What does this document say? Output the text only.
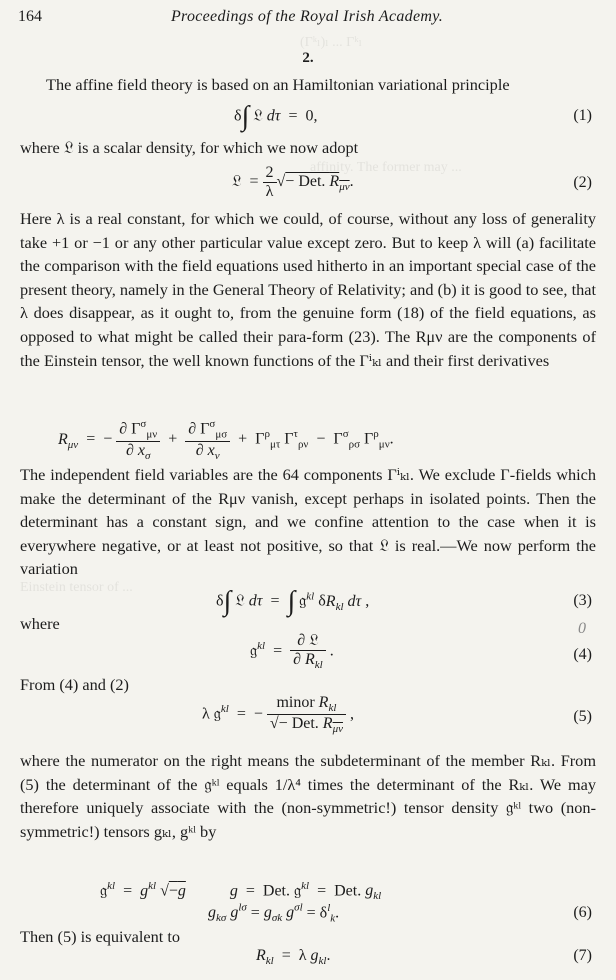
(Γᵏₗ)ₗ ... Γᵏₗ
affinity. The former may ...
Einstein tensor of ...
164	Proceedings of the Royal Irish Academy.
2.
The affine field theory is based on an Hamiltonian variational principle
δ∫ 𝔏 dτ  =  0,	(1)
where 𝔏 is a scalar density, for which we now adopt
𝔏  = $\frac{2}{\lambda}$ √− Det. $R_{\mu\nu}$.	(2)
Here λ is a real constant, for which we could, of course, without any loss of generality take +1 or −1 or any other particular value except zero. But to keep λ will (a) facilitate the comparison with the field equations used hitherto in an important special case of the present theory, namely in the General Theory of Relativity; and (b) it is good to see, that λ does disappear, as it ought to, from the genuine form (18) of the field equations, as opposed to what might be called their para-form (23). The Rμν are the components of the Einstein tensor, the well known functions of the Γⁱₖₗ and their first derivatives
$R_{\mu\nu}$  =  − $\frac{\partial \Gamma^\sigma_{\mu\nu}}{\partial x_\sigma} + \frac{\partial \Gamma^\sigma_{\mu\sigma}}{\partial x_\nu} + \Gamma^\rho_{\mu\tau}$ $\Gamma^\tau_{\rho\nu} - \Gamma^\sigma_{\rho\sigma}$ $\Gamma^\rho_{\mu\nu}$.
The independent field variables are the 64 components Γⁱₖₗ. We exclude Γ-fields which make the determinant of the Rμν vanish, except perhaps in isolated points. Then the determinant has a constant sign, and we confine attention to the case when it is everywhere negative, or at least not positive, so that 𝔏 is real.—We now perform the variation
δ∫ 𝔏 dτ  =  ∫ 𝔤$^{kl}$ $\delta R_{kl}$ dτ ,	(3)
where	0
𝔤$^{kl}$  = $\frac{\text{∂ 𝔏}}{\partial R_{kl}}$ .	(4)
From (4) and (2)
λ 𝔤$^{kl}$  =  − $\frac{minor R_{kl}}{√- Det. R_{\mu\nu}}$ ,	(5)
where the numerator on the right means the subdeterminant of the member Rₖₗ. From (5) the determinant of the 𝔤ᵏˡ equals 1/λ⁴ times the determinant of the Rₖₗ. We may therefore uniquely associate with the (non-symmetric!) tensor density 𝔤ᵏˡ two (non-symmetric!) tensors gₖₗ, gᵏˡ by
𝔤$^{kl}$  =  $g^{kl}$ √−g	g  =  Det. 𝔤$^{kl}$  =  Det. $g_{kl}$
$g_{k\sigma}$ $g^{l\sigma} = g_{\sigma k}$ $g^{\sigma l} = \delta^l_k$.	(6)
Then (5) is equivalent to
$R_{kl} = \lambda$ $g_{kl}$.	(7)
